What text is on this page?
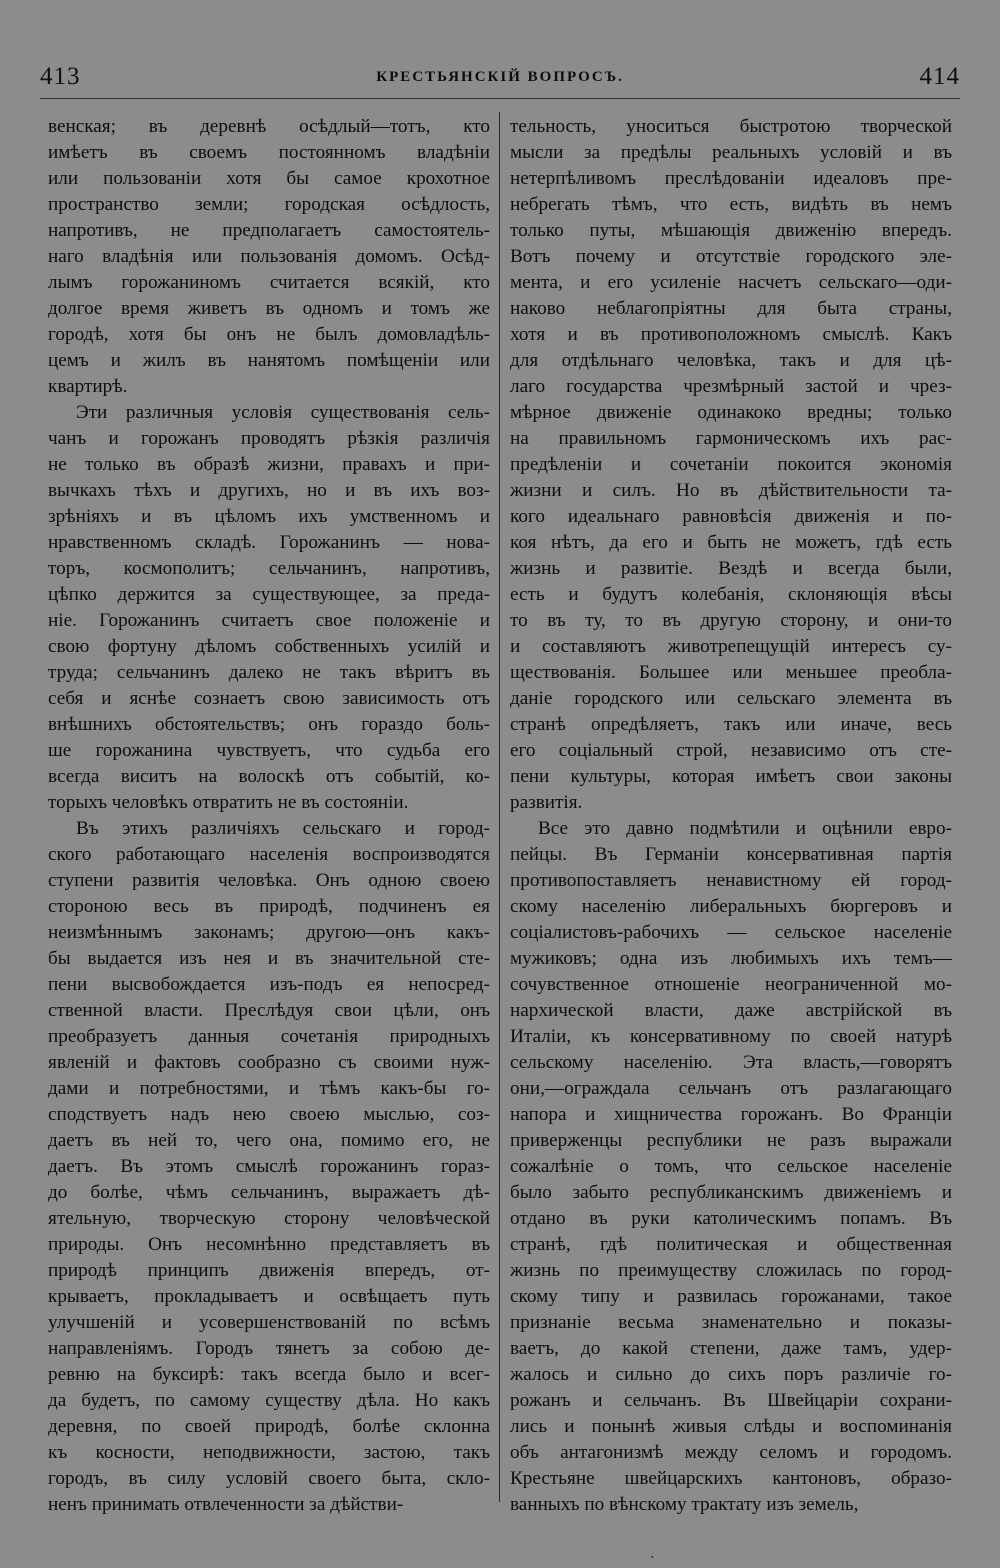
413	КРЕСТЬЯНСКІЙ ВОПРОСЪ.	414
венская; въ деревнѣ осѣдлый—тотъ, кто
имѣетъ въ своемъ постоянномъ владѣніи
или пользованіи хотя бы самое крохотное
пространство земли; городская осѣдлость,
напротивъ, не предполагаетъ самостоятель-
наго владѣнія или пользованія домомъ. Осѣд-
лымъ горожаниномъ считается всякій, кто
долгое время живетъ въ одномъ и томъ же
городѣ, хотя бы онъ не былъ домовладѣль-
цемъ и жилъ въ нанятомъ помѣщеніи или
квартирѣ.
Эти различныя условія существованія сель-
чанъ и горожанъ проводятъ рѣзкія различія
не только въ образѣ жизни, правахъ и при-
вычкахъ тѣхъ и другихъ, но и въ ихъ воз-
зрѣніяхъ и въ цѣломъ ихъ умственномъ и
нравственномъ складѣ. Горожанинъ — нова-
торъ, космополитъ; сельчанинъ, напротивъ,
цѣпко держится за существующее, за преда-
ніе. Горожанинъ считаетъ свое положеніе и
свою фортуну дѣломъ собственныхъ усилій и
труда; сельчанинъ далеко не такъ вѣритъ въ
себя и яснѣе сознаетъ свою зависимость отъ
внѣшнихъ обстоятельствъ; онъ гораздо боль-
ше горожанина чувствуетъ, что судьба его
всегда виситъ на волоскѣ отъ событій, ко-
торыхъ человѣкъ отвратить не въ состояніи.
Въ этихъ различіяхъ сельскаго и город-
ского работающаго населенія воспроизводятся
ступени развитія человѣка. Онъ одною своею
стороною весь въ природѣ, подчиненъ ея
неизмѣннымъ законамъ; другою—онъ какъ-
бы выдается изъ нея и въ значительной сте-
пени высвобождается изъ-подъ ея непосред-
ственной власти. Преслѣдуя свои цѣли, онъ
преобразуетъ данныя сочетанія природныхъ
явленій и фактовъ сообразно съ своими нуж-
дами и потребностями, и тѣмъ какъ-бы го-
сподствуетъ надъ нею своею мыслью, соз-
даетъ въ ней то, чего она, помимо его, не
даетъ. Въ этомъ смыслѣ горожанинъ гораз-
до болѣе, чѣмъ сельчанинъ, выражаетъ дѣ-
ятельную, творческую сторону человѣческой
природы. Онъ несомнѣнно представляетъ въ
природѣ принципъ движенія впередъ, от-
крываетъ, прокладываетъ и освѣщаетъ путь
улучшеній и усовершенствованій по всѣмъ
направленіямъ. Городъ тянетъ за собою де-
ревню на буксирѣ: такъ всегда было и всег-
да будетъ, по самому существу дѣла. Но какъ
деревня, по своей природѣ, болѣе склонна
къ косности, неподвижности, застою, такъ
городъ, въ силу условій своего быта, скло-
ненъ принимать отвлеченности за дѣйстви-
тельность, уноситься быстротою творческой
мысли за предѣлы реальныхъ условій и въ
нетерпѣливомъ преслѣдованіи идеаловъ пре-
небрегать тѣмъ, что есть, видѣть въ немъ
только путы, мѣшающія движенію впередъ.
Вотъ почему и отсутствіе городского эле-
мента, и его усиленіе насчетъ сельскаго—оди-
наково неблагопріятны для быта страны,
хотя и въ противоположномъ смыслѣ. Какъ
для отдѣльнаго человѣка, такъ и для цѣ-
лаго государства чрезмѣрный застой и чрез-
мѣрное движеніе одинакоко вредны; только
на правильномъ гармоническомъ ихъ рас-
предѣленіи и сочетаніи покоится экономія
жизни и силъ. Но въ дѣйствительности та-
кого идеальнаго равновѣсія движенія и по-
коя нѣтъ, да его и быть не можетъ, гдѣ есть
жизнь и развитіе. Вездѣ и всегда были,
есть и будутъ колебанія, склоняющія вѣсы
то въ ту, то въ другую сторону, и они-то
и составляютъ животрепещущій интересъ су-
ществованія. Большее или меньшее преобла-
даніе городского или сельскаго элемента въ
странѣ опредѣляетъ, такъ или иначе, весь
его соціальный строй, независимо отъ сте-
пени культуры, которая имѣетъ свои законы
развитія.
Все это давно подмѣтили и оцѣнили евро-
пейцы. Въ Германіи консервативная партія
противопоставляетъ ненавистному ей город-
скому населенію либеральныхъ бюргеровъ и
соціалистовъ-рабочихъ — сельское населеніе
мужиковъ; одна изъ любимыхъ ихъ темъ—
сочувственное отношеніе неограниченной мо-
нархической власти, даже австрійской въ
Италіи, къ консервативному по своей натурѣ
сельскому населенію. Эта власть,—говорятъ
они,—ограждала сельчанъ отъ разлагающаго
напора и хищничества горожанъ. Во Франціи
приверженцы республики не разъ выражали
сожалѣніе о томъ, что сельское населеніе
было забыто республиканскимъ движеніемъ и
отдано въ руки католическимъ попамъ. Въ
странѣ, гдѣ политическая и общественная
жизнь по преимуществу сложилась по город-
скому типу и развилась горожанами, такое
признаніе весьма знаменательно и показы-
ваетъ, до какой степени, даже тамъ, удер-
жалось и сильно до сихъ поръ различіе го-
рожанъ и сельчанъ. Въ Швейцаріи сохрани-
лись и понынѣ живыя слѣды и воспоминанія
объ антагонизмѣ между селомъ и городомъ.
Крестьяне швейцарскихъ кантоновъ, образо-
ванныхъ по вѣнскому трактату изъ земель,
ˏ
